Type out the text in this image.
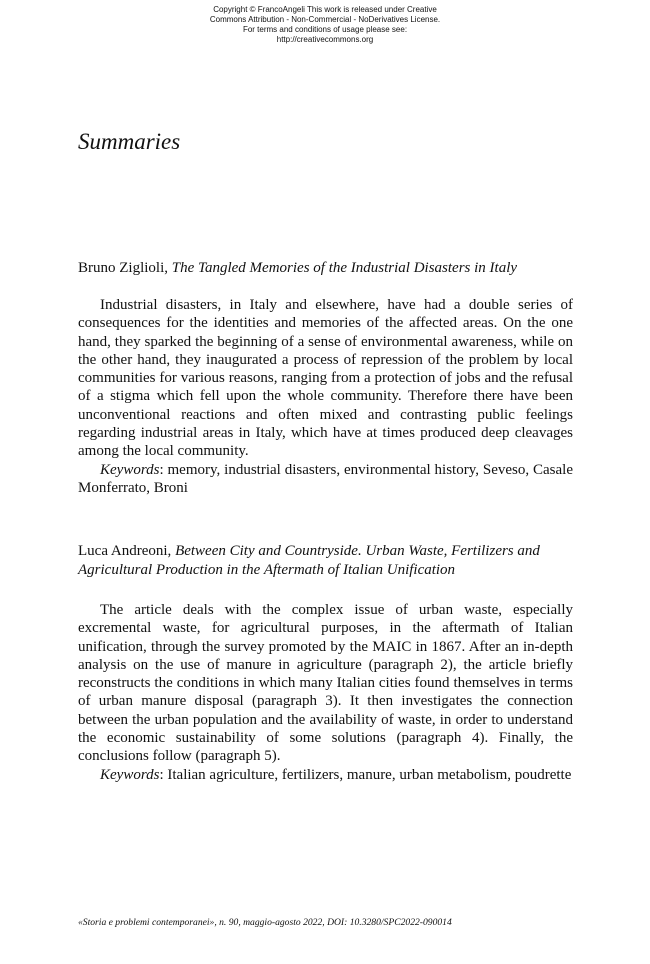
Copyright © FrancoAngeli This work is released under Creative
Commons Attribution - Non-Commercial - NoDerivatives License.
For terms and conditions of usage please see:
http://creativecommons.org
Summaries

Bruno Ziglioli, The Tangled Memories of the Industrial Disasters in Italy

Industrial disasters, in Italy and elsewhere, have had a double series of consequences for the identities and memories of the affected areas. On the one hand, they sparked the beginning of a sense of environmental awareness, while on the other hand, they inaugurated a process of repression of the problem by local communities for various reasons, ranging from a protection of jobs and the refusal of a stigma which fell upon the whole community. Therefore there have been unconventional reactions and often mixed and contrasting public feelings regarding industrial areas in Italy, which have at times produced deep cleavages among the local community.

Keywords: memory, industrial disasters, environmental history, Seveso, Casale Monferrato, Broni

Luca Andreoni, Between City and Countryside. Urban Waste, Fertilizers and Agricultural Production in the Aftermath of Italian Unification

The article deals with the complex issue of urban waste, especially excremental waste, for agricultural purposes, in the aftermath of Italian unification, through the survey promoted by the MAIC in 1867. After an in-depth analysis on the use of manure in agriculture (paragraph 2), the article briefly reconstructs the conditions in which many Italian cities found themselves in terms of urban manure disposal (paragraph 3). It then investigates the connection between the urban population and the availability of waste, in order to understand the economic sustainability of some solutions (paragraph 4). Finally, the conclusions follow (paragraph 5).

Keywords: Italian agriculture, fertilizers, manure, urban metabolism, poudrette

«Storia e problemi contemporanei», n. 90, maggio-agosto 2022, DOI: 10.3280/SPC2022-090014
